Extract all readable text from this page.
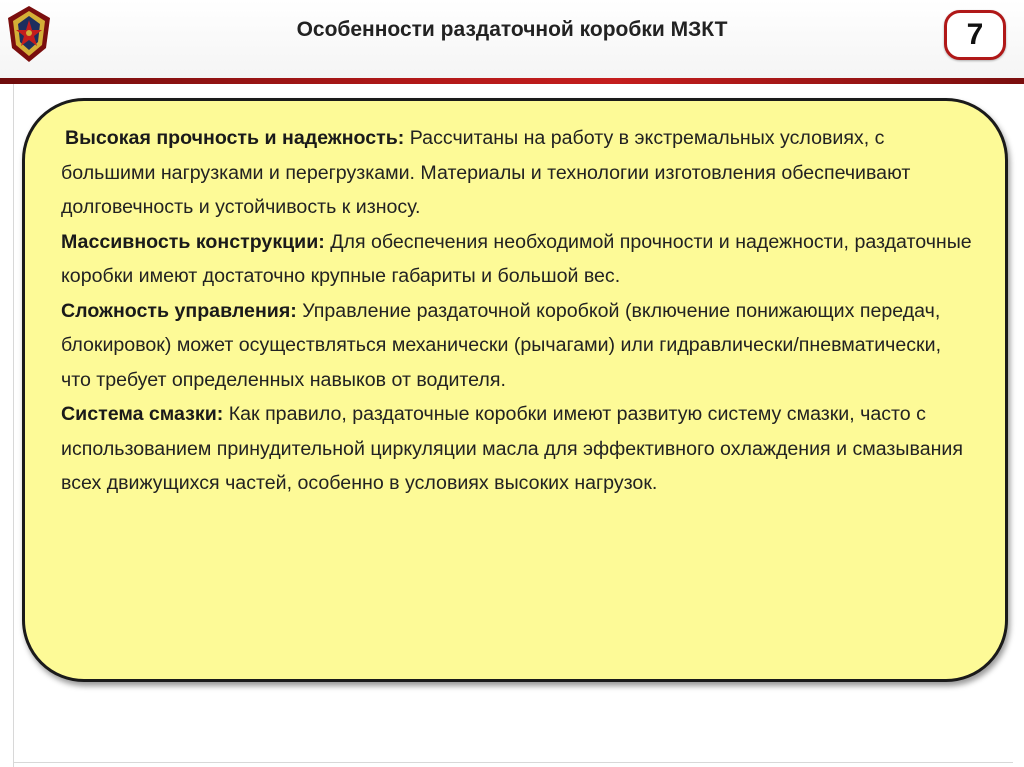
Особенности раздаточной коробки МЗКТ	7

Высокая прочность и надежность: Рассчитаны на работу в экстремальных условиях, с большими нагрузками и перегрузками. Материалы и технологии изготовления обеспечивают долговечность и устойчивость к износу.

Массивность конструкции: Для обеспечения необходимой прочности и надежности, раздаточные коробки имеют достаточно крупные габариты и большой вес.

Сложность управления: Управление раздаточной коробкой (включение понижающих передач, блокировок) может осуществляться механически (рычагами) или гидравлически/пневматически, что требует определенных навыков от водителя.

Система смазки: Как правило, раздаточные коробки имеют развитую систему смазки, часто с использованием принудительной циркуляции масла для эффективного охлаждения и смазывания всех движущихся частей, особенно в условиях высоких нагрузок.
